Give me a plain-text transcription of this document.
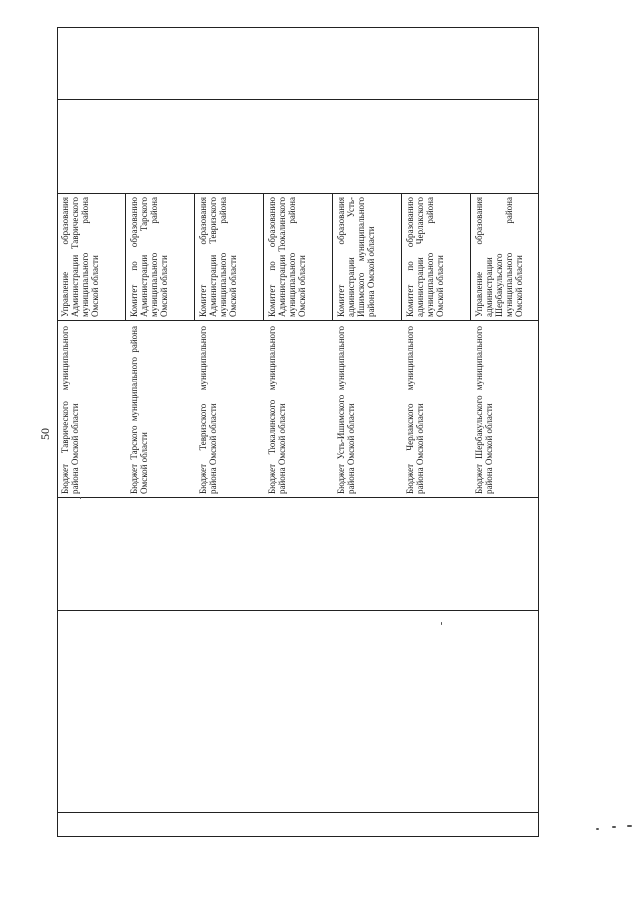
50
Управление образования Администрации Таврического муниципального района Омской области	Комитет по образованию Администрации Тарского муниципального района Омской области	Комитет образования Администрации Тевризского муниципального района Омской области	Комитет по образованию Администрации Тюкалинского муниципального района Омской области	Комитет образования администрации Усть-Ишимского муниципального района Омской области	Комитет по образованию администрации Черлакского муниципального района Омской области	Управление образования администрации Шербакульского муниципального района Омской области
Бюджет Таврического муниципального района Омской области	Бюджет Тарского муниципального района Омской области	Бюджет Тевризского муниципального района Омской области	Бюджет Тюкалинского муниципального района Омской области	Бюджет Усть-Ишимского муниципального района Омской области	Бюджет Черлакского муниципального района Омской области	Бюджет Шербакульского муниципального района Омской области
